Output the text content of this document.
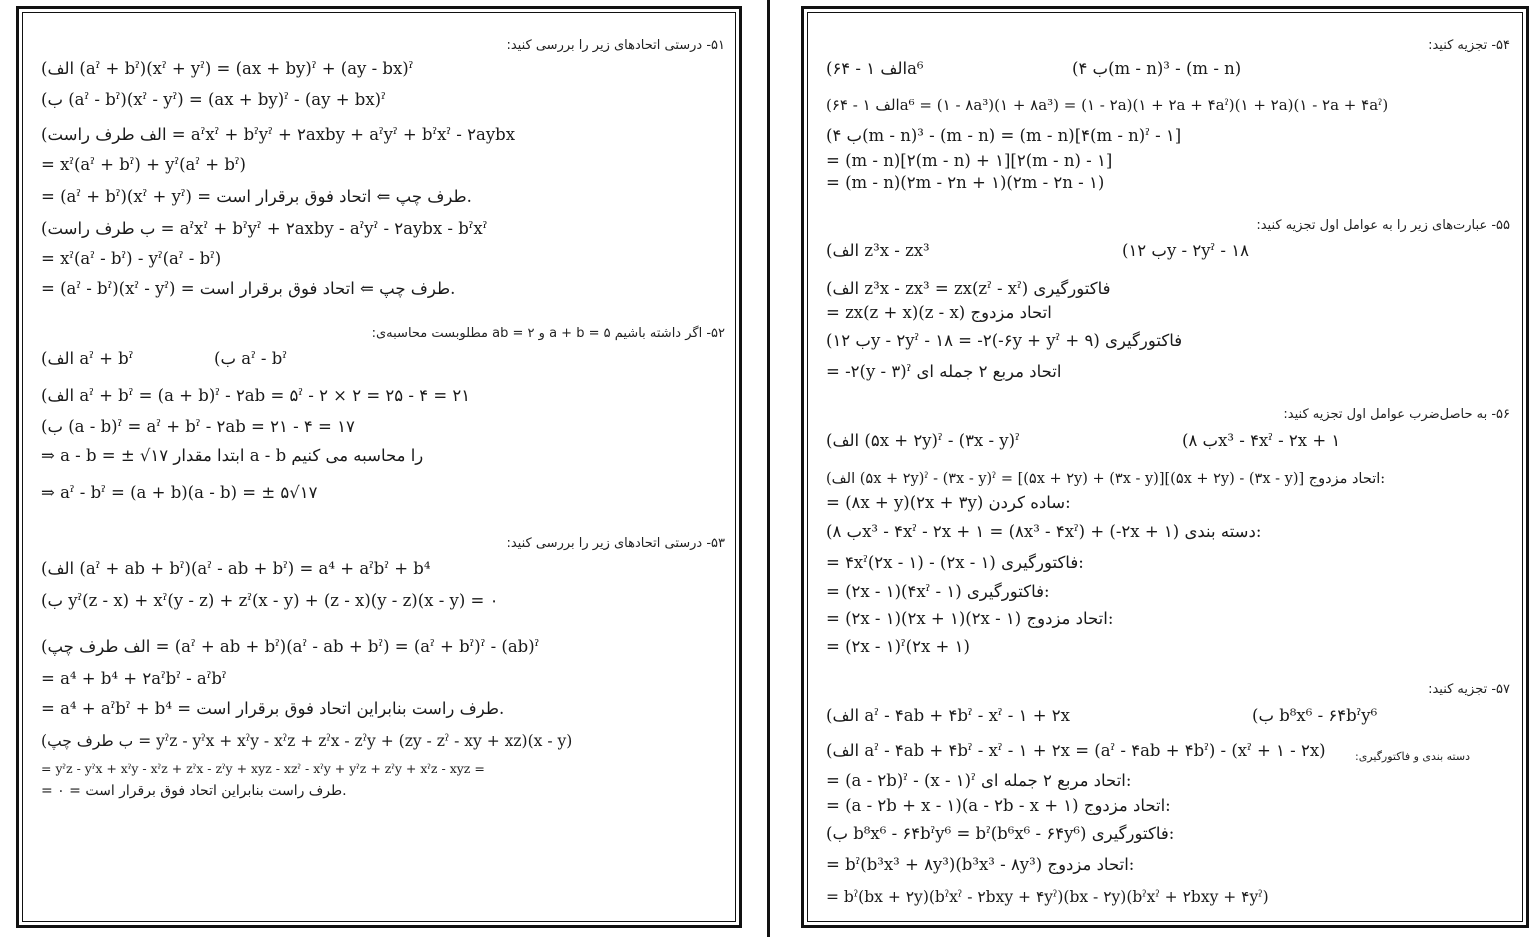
۵۱- درستی اتحادهای زیر را بررسی کنید:
(الف (aˀ + bˀ)(xˀ + yˀ) = (ax + by)ˀ + (ay - bx)ˀ
(ب (aˀ - bˀ)(xˀ - yˀ) = (ax + by)ˀ - (ay + bx)ˀ
(الف طرف راست = aˀxˀ + bˀyˀ + ۲axby + aˀyˀ + bˀxˀ - ۲aybx
= xˀ(aˀ + bˀ) + yˀ(aˀ + bˀ)
= (aˀ + bˀ)(xˀ + yˀ) = طرف چپ ⇐ اتحاد فوق برقرار است.
(ب طرف راست = aˀxˀ + bˀyˀ + ۲axby - aˀyˀ - ۲aybx - bˀxˀ
= xˀ(aˀ - bˀ) - yˀ(aˀ - bˀ)
= (aˀ - bˀ)(xˀ - yˀ) = طرف چپ ⇐ اتحاد فوق برقرار است.
۵۲- اگر داشته باشیم a + b = ۵ و ab = ۲ مطلوبست محاسبه‌ی:
(الف aˀ + bˀ	(ب aˀ - bˀ
(الف aˀ + bˀ = (a + b)ˀ - ۲ab = ۵ˀ - ۲ × ۲ = ۲۵ - ۴ = ۲۱
(ب (a - b)ˀ = aˀ + bˀ - ۲ab = ۲۱ - ۴ = ۱۷
⇒ a - b = ± √۱۷ ابتدا مقدار a - b را محاسبه می کنیم
⇒ aˀ - bˀ = (a + b)(a - b) = ± ۵√۱۷
۵۳- درستی اتحادهای زیر را بررسی کنید:
(الف (aˀ + ab + bˀ)(aˀ - ab + bˀ) = a⁴ + aˀbˀ + b⁴
(ب yˀ(z - x) + xˀ(y - z) + zˀ(x - y) + (z - x)(y - z)(x - y) = ۰
(الف طرف چپ = (aˀ + ab + bˀ)(aˀ - ab + bˀ) = (aˀ + bˀ)ˀ - (ab)ˀ
= a⁴ + b⁴ + ۲aˀbˀ - aˀbˀ
= a⁴ + aˀbˀ + b⁴ = طرف راست بنابراین اتحاد فوق برقرار است.
(ب طرف چپ = yˀz - yˀx + xˀy - xˀz + zˀx - zˀy + (zy - zˀ - xy + xz)(x - y)
= yˀz - yˀx + xˀy - xˀz + zˀx - zˀy + xyz - xzˀ - xˀy + yˀz + zˀy + xˀz - xyz =
= ۰ = طرف راست بنابراین اتحاد فوق برقرار است.
۵۴- تجزیه کنید:
(الف ۱ - ۶۴a⁶	(ب ۴(m - n)³ - (m - n)
(الف ۱ - ۶۴a⁶ = (۱ - ۸a³)(۱ + ۸a³) = (۱ - ۲a)(۱ + ۲a + ۴aˀ)(۱ + ۲a)(۱ - ۲a + ۴aˀ)
(ب ۴(m - n)³ - (m - n) = (m - n)[۴(m - n)ˀ - ۱]
= (m - n)[۲(m - n) + ۱][۲(m - n) - ۱]
= (m - n)(۲m - ۲n + ۱)(۲m - ۲n - ۱)
۵۵- عبارت‌های زیر را به عوامل اول تجزیه کنید:
(الف z³x - zx³	(ب ۱۲y - ۲yˀ - ۱۸
(الف z³x - zx³ = zx(zˀ - xˀ) فاکتورگیری
= zx(z + x)(z - x) اتحاد مزدوج
(ب ۱۲y - ۲yˀ - ۱۸ = -۲(-۶y + yˀ + ۹) فاکتورگیری
= -۲(y - ۳)ˀ اتحاد مربع ۲ جمله ای
۵۶- به حاصل‌ضرب عوامل اول تجزیه کنید:
(الف (۵x + ۲y)ˀ - (۳x - y)ˀ	(ب ۸x³ - ۴xˀ - ۲x + ۱
(الف (۵x + ۲y)ˀ - (۳x - y)ˀ = [(۵x + ۲y) + (۳x - y)][(۵x + ۲y) - (۳x - y)] اتحاد مزدوج:
= (۸x + y)(۲x + ۳y) ساده کردن:
(ب ۸x³ - ۴xˀ - ۲x + ۱ = (۸x³ - ۴xˀ) + (-۲x + ۱) دسته بندی:
= ۴xˀ(۲x - ۱) - (۲x - ۱) فاکتورگیری:
= (۲x - ۱)(۴xˀ - ۱) فاکتورگیری:
= (۲x - ۱)(۲x + ۱)(۲x - ۱) اتحاد مزدوج:
= (۲x - ۱)ˀ(۲x + ۱)
۵۷- تجزیه کنید:
(الف aˀ - ۴ab + ۴bˀ - xˀ - ۱ + ۲x	(ب b⁸x⁶ - ۶۴bˀy⁶
(الف aˀ - ۴ab + ۴bˀ - xˀ - ۱ + ۲x = (aˀ - ۴ab + ۴bˀ) - (xˀ + ۱ - ۲x)	دسته بندی و فاکتورگیری:
= (a - ۲b)ˀ - (x - ۱)ˀ اتحاد مربع ۲ جمله ای:
= (a - ۲b + x - ۱)(a - ۲b - x + ۱) اتحاد مزدوج:
(ب b⁸x⁶ - ۶۴bˀy⁶ = bˀ(b⁶x⁶ - ۶۴y⁶) فاکتورگیری:
= bˀ(b³x³ + ۸y³)(b³x³ - ۸y³) اتحاد مزدوج:
= bˀ(bx + ۲y)(bˀxˀ - ۲bxy + ۴yˀ)(bx - ۲y)(bˀxˀ + ۲bxy + ۴yˀ)
